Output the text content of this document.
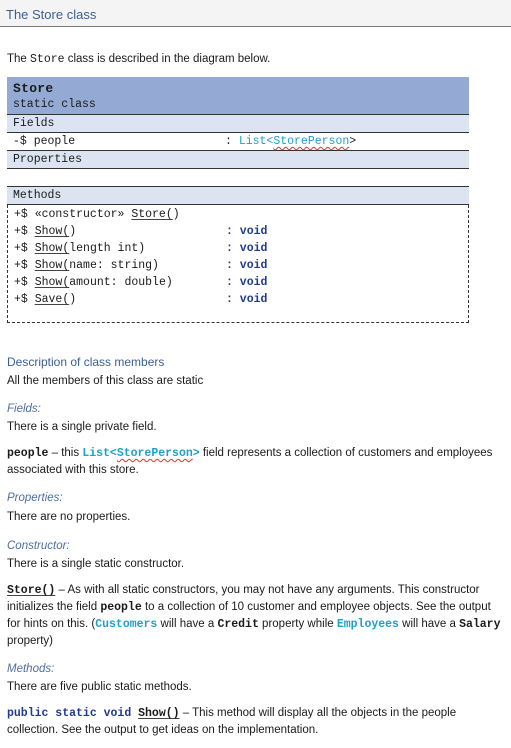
The Store class
The Store class is described in the diagram below.
Store
static class
Fields
-$ people	: List<StorePerson>
Properties
Methods
+$ «constructor» Store()
+$ Show()	: void
+$ Show(length int)	: void
+$ Show(name: string)	: void
+$ Show(amount: double)	: void
+$ Save()	: void
Description of class members
All the members of this class are static
Fields:
There is a single private field.
people – this List<StorePerson> field represents a collection of customers and employees associated with this store.
Properties:
There are no properties.
Constructor:
There is a single static constructor.
Store() – As with all static constructors, you may not have any arguments. This constructor initializes the field people to a collection of 10 customer and employee objects. See the output for hints on this. (Customers will have a Credit property while Employees will have a Salary property)
Methods:
There are five public static methods.
public static void Show() – This method will display all the objects in the people collection. See the output to get ideas on the implementation.
